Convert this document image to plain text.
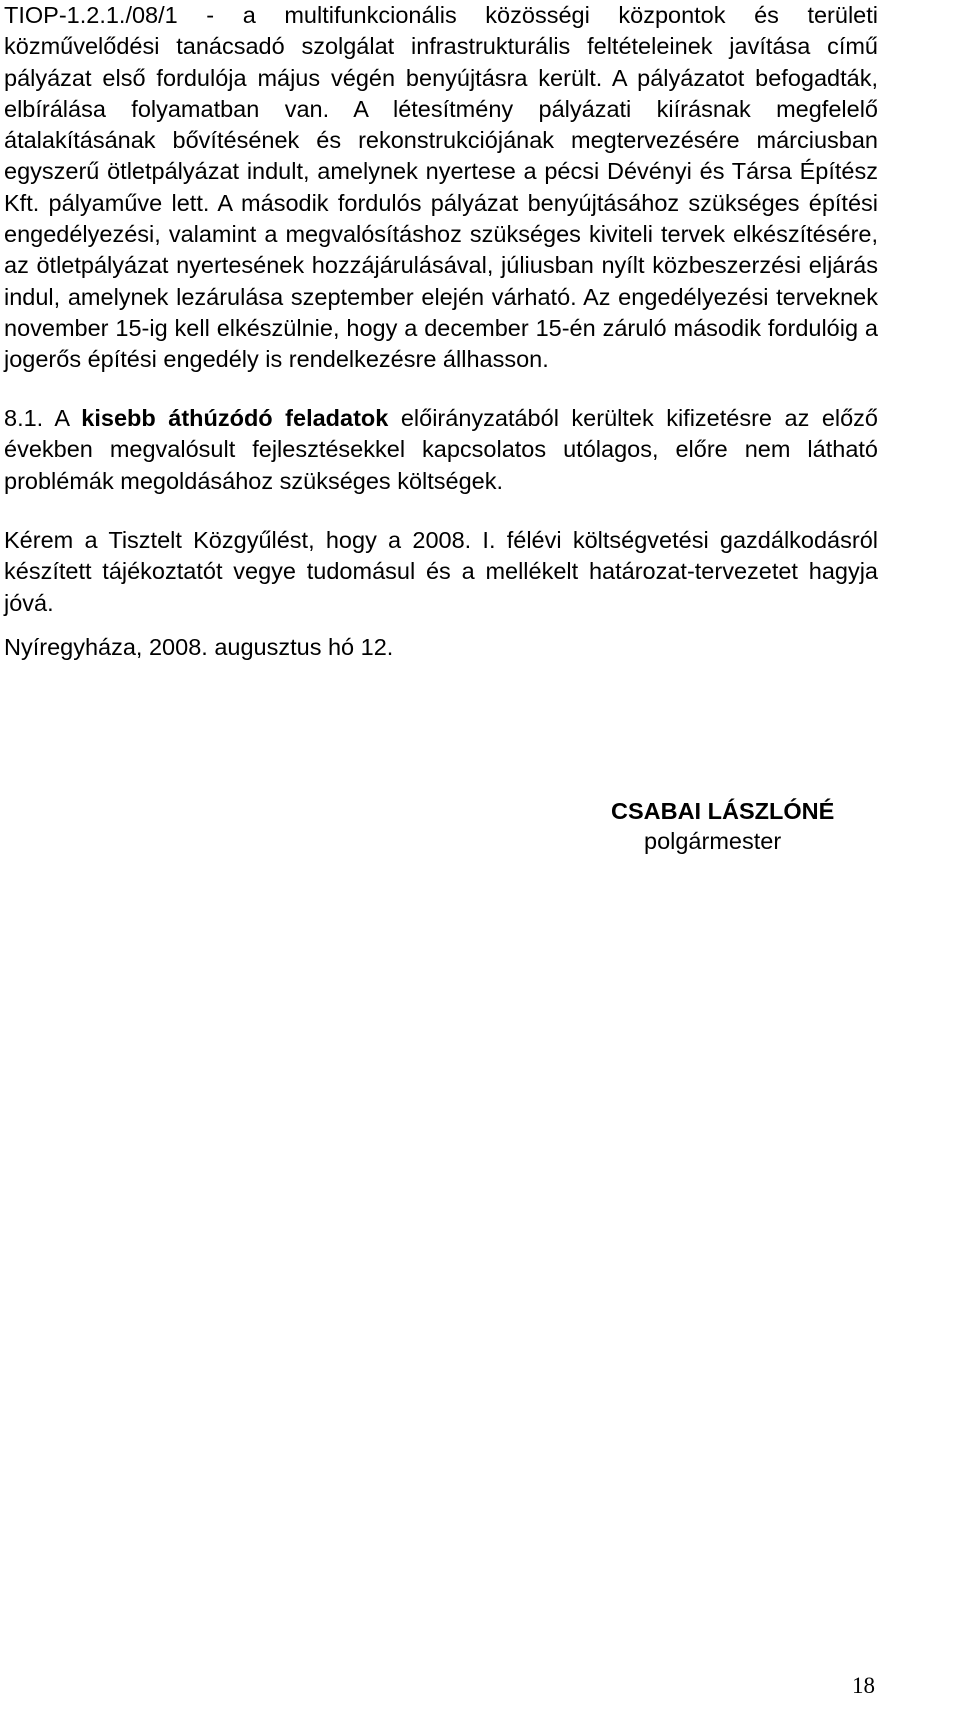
TIOP-1.2.1./08/1 - a multifunkcionális közösségi központok és területi közművelődési tanácsadó szolgálat infrastrukturális feltételeinek javítása című pályázat első fordulója május végén benyújtásra került. A pályázatot befogadták, elbírálása folyamatban van. A létesítmény pályázati kiírásnak megfelelő átalakításának bővítésének és rekonstrukciójának megtervezésére márciusban egyszerű ötletpályázat indult, amelynek nyertese a pécsi Dévényi és Társa Építész Kft. pályaműve lett. A második fordulós pályázat benyújtásához szükséges építési engedélyezési, valamint a megvalósításhoz szükséges kiviteli tervek elkészítésére, az ötletpályázat nyertesének hozzájárulásával, júliusban nyílt közbeszerzési eljárás indul, amelynek lezárulása szeptember elején várható. Az engedélyezési terveknek november 15-ig kell elkészülnie, hogy a december 15-én záruló második fordulóig a jogerős építési engedély is rendelkezésre állhasson.

8.1. A kisebb áthúzódó feladatok előirányzatából kerültek kifizetésre az előző években megvalósult fejlesztésekkel kapcsolatos utólagos, előre nem látható problémák megoldásához szükséges költségek.

Kérem a Tisztelt Közgyűlést, hogy a 2008. I. félévi költségvetési gazdálkodásról készített tájékoztatót vegye tudomásul és a mellékelt határozat-tervezetet hagyja jóvá.

Nyíregyháza, 2008. augusztus hó 12.

CSABAI LÁSZLÓNÉ
polgármester
18
